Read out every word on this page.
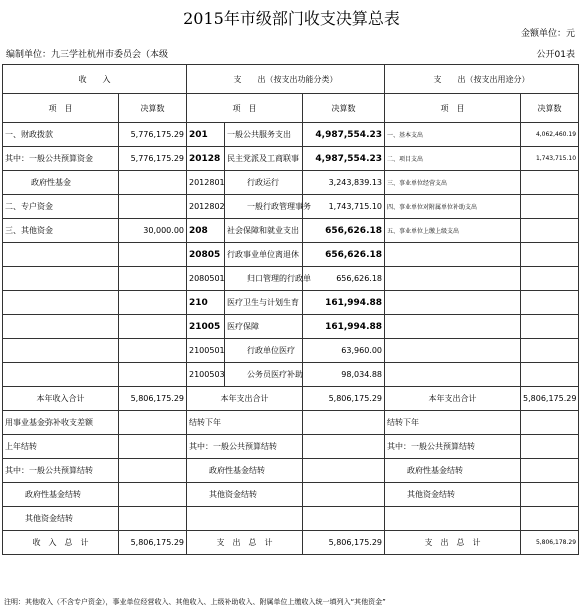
2015年市级部门收支决算总表
金额单位：元
编制单位：九三学社杭州市委员会（本级	公开01表
收　　入		支　　出（按支出功能分类）			支　　出（按支出用途分）	
项　目	决算数	项　目		决算数	项　目	决算数
一、财政拨款	5,776,175.29	201	一般公共服务支出	4,987,554.23	一、基本支出	4,062,460.19
其中：一般公共预算资金	5,776,175.29	20128	民主党派及工商联事	4,987,554.23	二、项目支出	1,743,715.10
政府性基金		2012801	行政运行	3,243,839.13	三、事业单位经营支出	
二、专户资金		2012802	一般行政管理事务	1,743,715.10	四、事业单位对附属单位补助支出	
三、其他资金	30,000.00	208	社会保障和就业支出	656,626.18	五、事业单位上缴上级支出	
		20805	行政事业单位离退休	656,626.18		
		2080501	归口管理的行政单	656,626.18		
		210	医疗卫生与计划生育	161,994.88		
		21005	医疗保障	161,994.88		
		2100501	行政单位医疗	63,960.00		
		2100503	公务员医疗补助	98,034.88		
本年收入合计	5,806,175.29	本年支出合计		5,806,175.29	本年支出合计	5,806,175.29
用事业基金弥补收支差额		结转下年			结转下年	
上年结转		其中：一般公共预算结转			其中：一般公共预算结转	
其中：一般公共预算结转		政府性基金结转			政府性基金结转	
政府性基金结转		其他资金结转			其他资金结转	
其他资金结转						
收　入　总　计	5,806,175.29	支　出　总　计		5,806,175.29	支　出　总　计	5,806,178.29
注明：其他收入（不含专户资金），事业单位经营收入、其他收入、上级补助收入、附属单位上缴收入统一填列入“其他资金”
